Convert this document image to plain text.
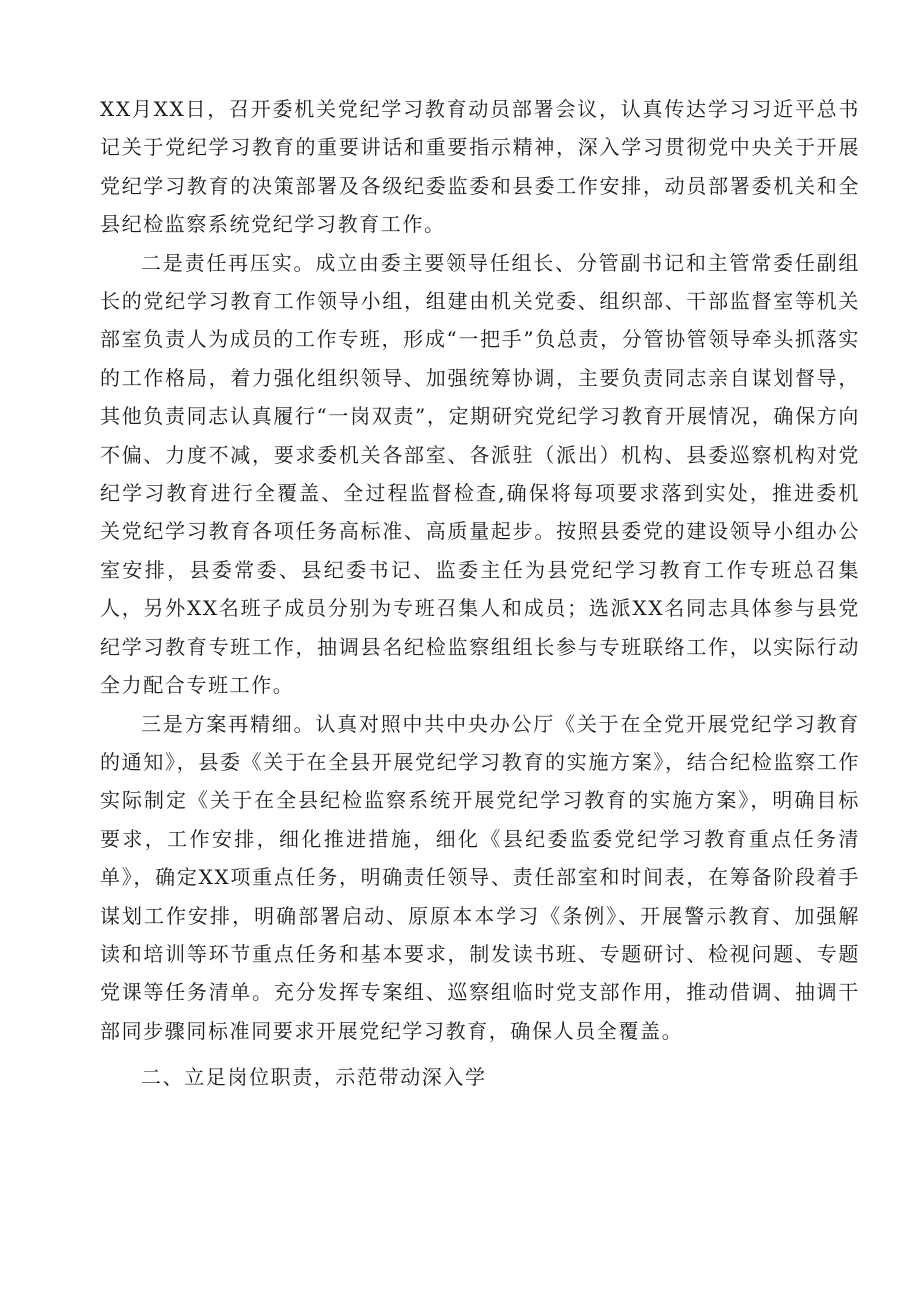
XX月XX日，召开委机关党纪学习教育动员部署会议，认真传达学习习近平总书记关于党纪学习教育的重要讲话和重要指示精神，深入学习贯彻党中央关于开展党纪学习教育的决策部署及各级纪委监委和县委工作安排，动员部署委机关和全县纪检监察系统党纪学习教育工作。

二是责任再压实。成立由委主要领导任组长、分管副书记和主管常委任副组长的党纪学习教育工作领导小组，组建由机关党委、组织部、干部监督室等机关部室负责人为成员的工作专班，形成“一把手”负总责，分管协管领导牵头抓落实的工作格局，着力强化组织领导、加强统筹协调，主要负责同志亲自谋划督导，其他负责同志认真履行“一岗双责”，定期研究党纪学习教育开展情况，确保方向不偏、力度不减，要求委机关各部室、各派驻（派出）机构、县委巡察机构对党纪学习教育进行全覆盖、全过程监督检查,确保将每项要求落到实处，推进委机关党纪学习教育各项任务高标准、高质量起步。按照县委党的建设领导小组办公室安排，县委常委、县纪委书记、监委主任为县党纪学习教育工作专班总召集人，另外XX名班子成员分别为专班召集人和成员；选派XX名同志具体参与县党纪学习教育专班工作，抽调县名纪检监察组组长参与专班联络工作，以实际行动全力配合专班工作。

三是方案再精细。认真对照中共中央办公厅《关于在全党开展党纪学习教育的通知》，县委《关于在全县开展党纪学习教育的实施方案》，结合纪检监察工作实际制定《关于在全县纪检监察系统开展党纪学习教育的实施方案》，明确目标要求，工作安排，细化推进措施，细化《县纪委监委党纪学习教育重点任务清单》，确定XX项重点任务，明确责任领导、责任部室和时间表，在筹备阶段着手谋划工作安排，明确部署启动、原原本本学习《条例》、开展警示教育、加强解读和培训等环节重点任务和基本要求，制发读书班、专题研讨、检视问题、专题党课等任务清单。充分发挥专案组、巡察组临时党支部作用，推动借调、抽调干部同步骤同标准同要求开展党纪学习教育，确保人员全覆盖。

二、立足岗位职责，示范带动深入学
